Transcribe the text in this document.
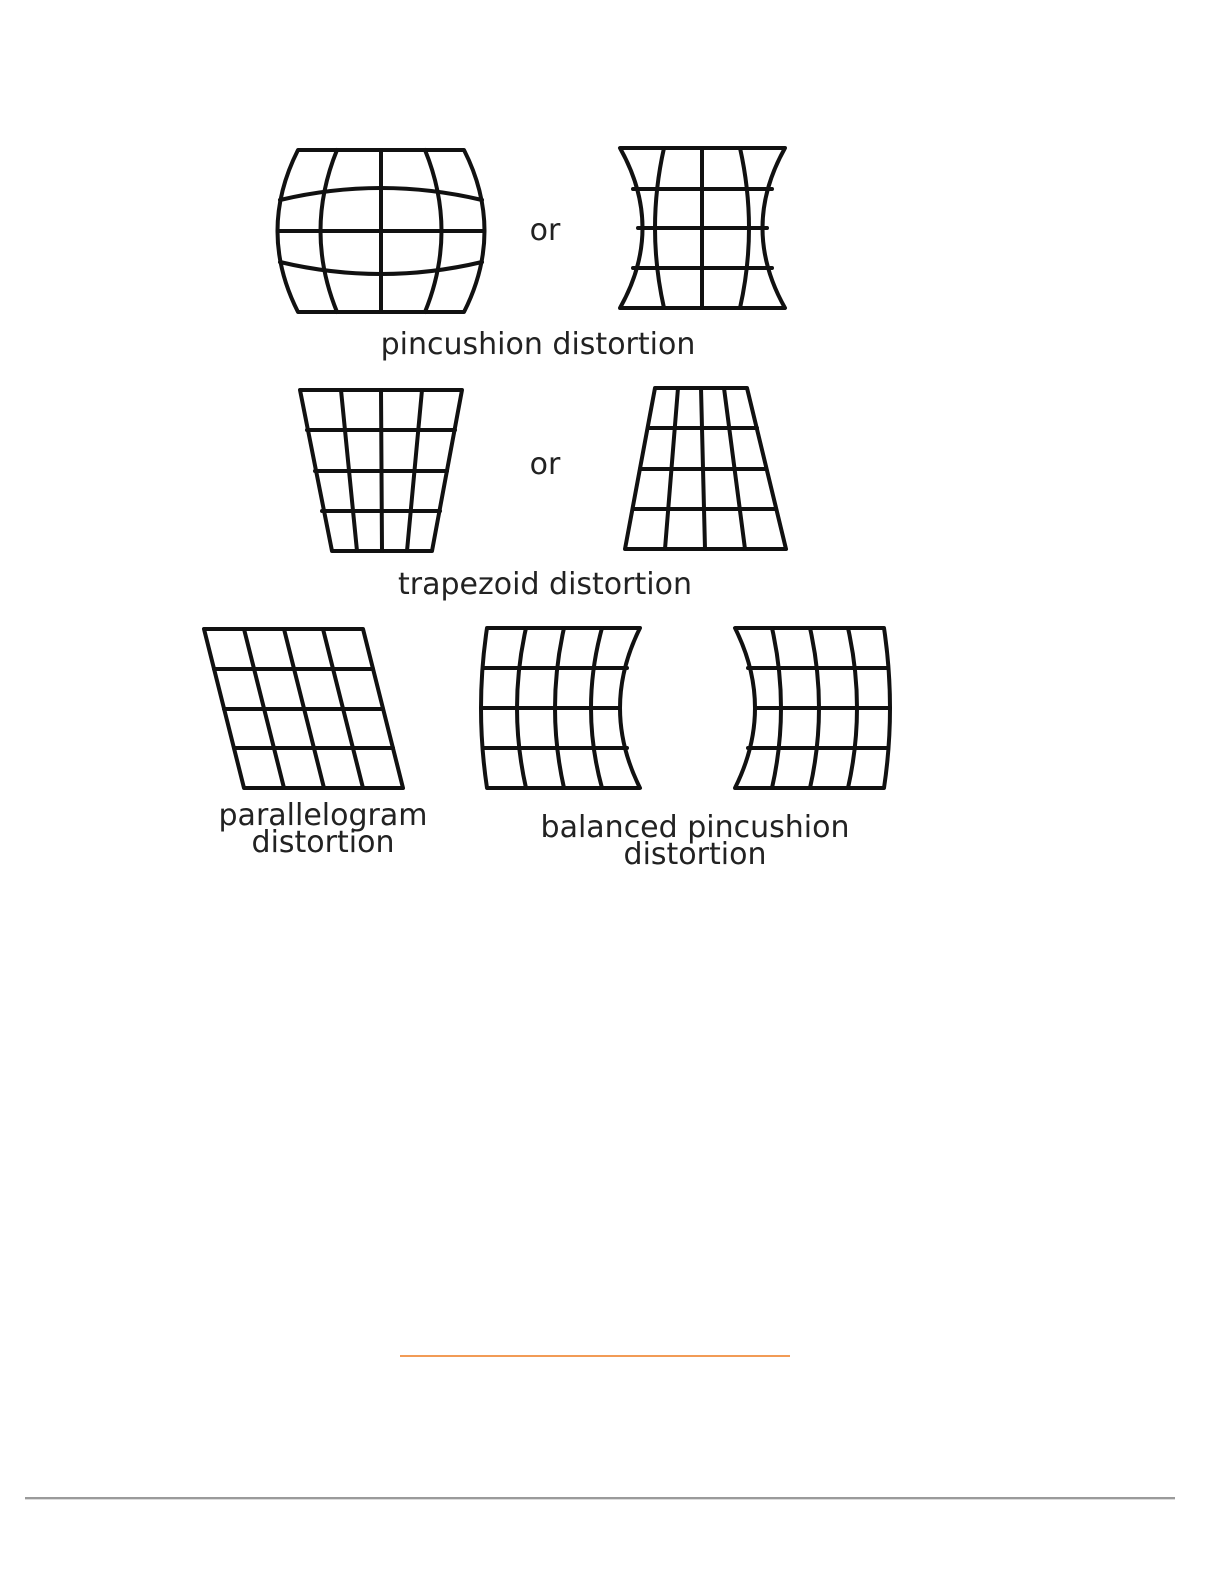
or
pincushion distortion
or
trapezoid distortion
parallelogram
distortion	balanced pincushion
distortion
